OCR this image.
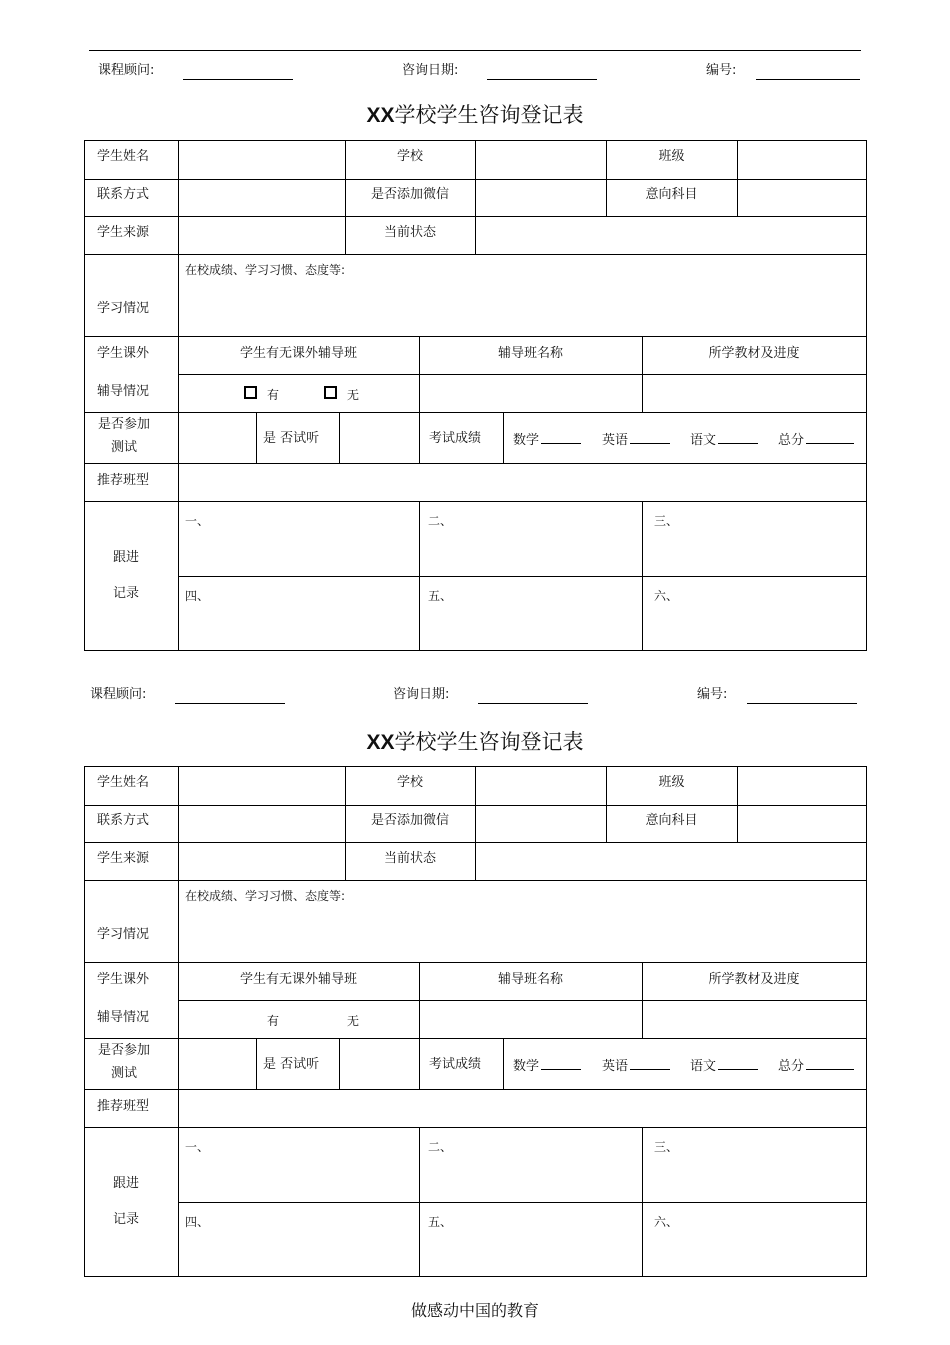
课程顾问:	咨询日期:	编号:
XX学校学生咨询登记表
学生姓名	学校	班级
联系方式	是否添加微信	意向科目
学生来源	当前状态
在校成绩、学习习惯、态度等:
学习情况
学生课外
辅导情况
学生有无课外辅导班	辅导班名称	所学教材及进度
有	无
是否参加
测试
是 否试听	考试成绩 数学	英语	语文	总分
推荐班型
跟进
记录
一、	二、	三、
四、	五、	六、
课程顾问:	咨询日期:	编号:
XX学校学生咨询登记表
学生姓名	学校	班级
联系方式	是否添加微信	意向科目
学生来源	当前状态
在校成绩、学习习惯、态度等:
学习情况
学生课外
辅导情况
学生有无课外辅导班	辅导班名称	所学教材及进度
有	无
是否参加
测试
是 否试听	考试成绩 数学	英语	语文	总分
推荐班型
跟进
记录
一、	二、	三、
四、	五、	六、
做感动中国的教育
